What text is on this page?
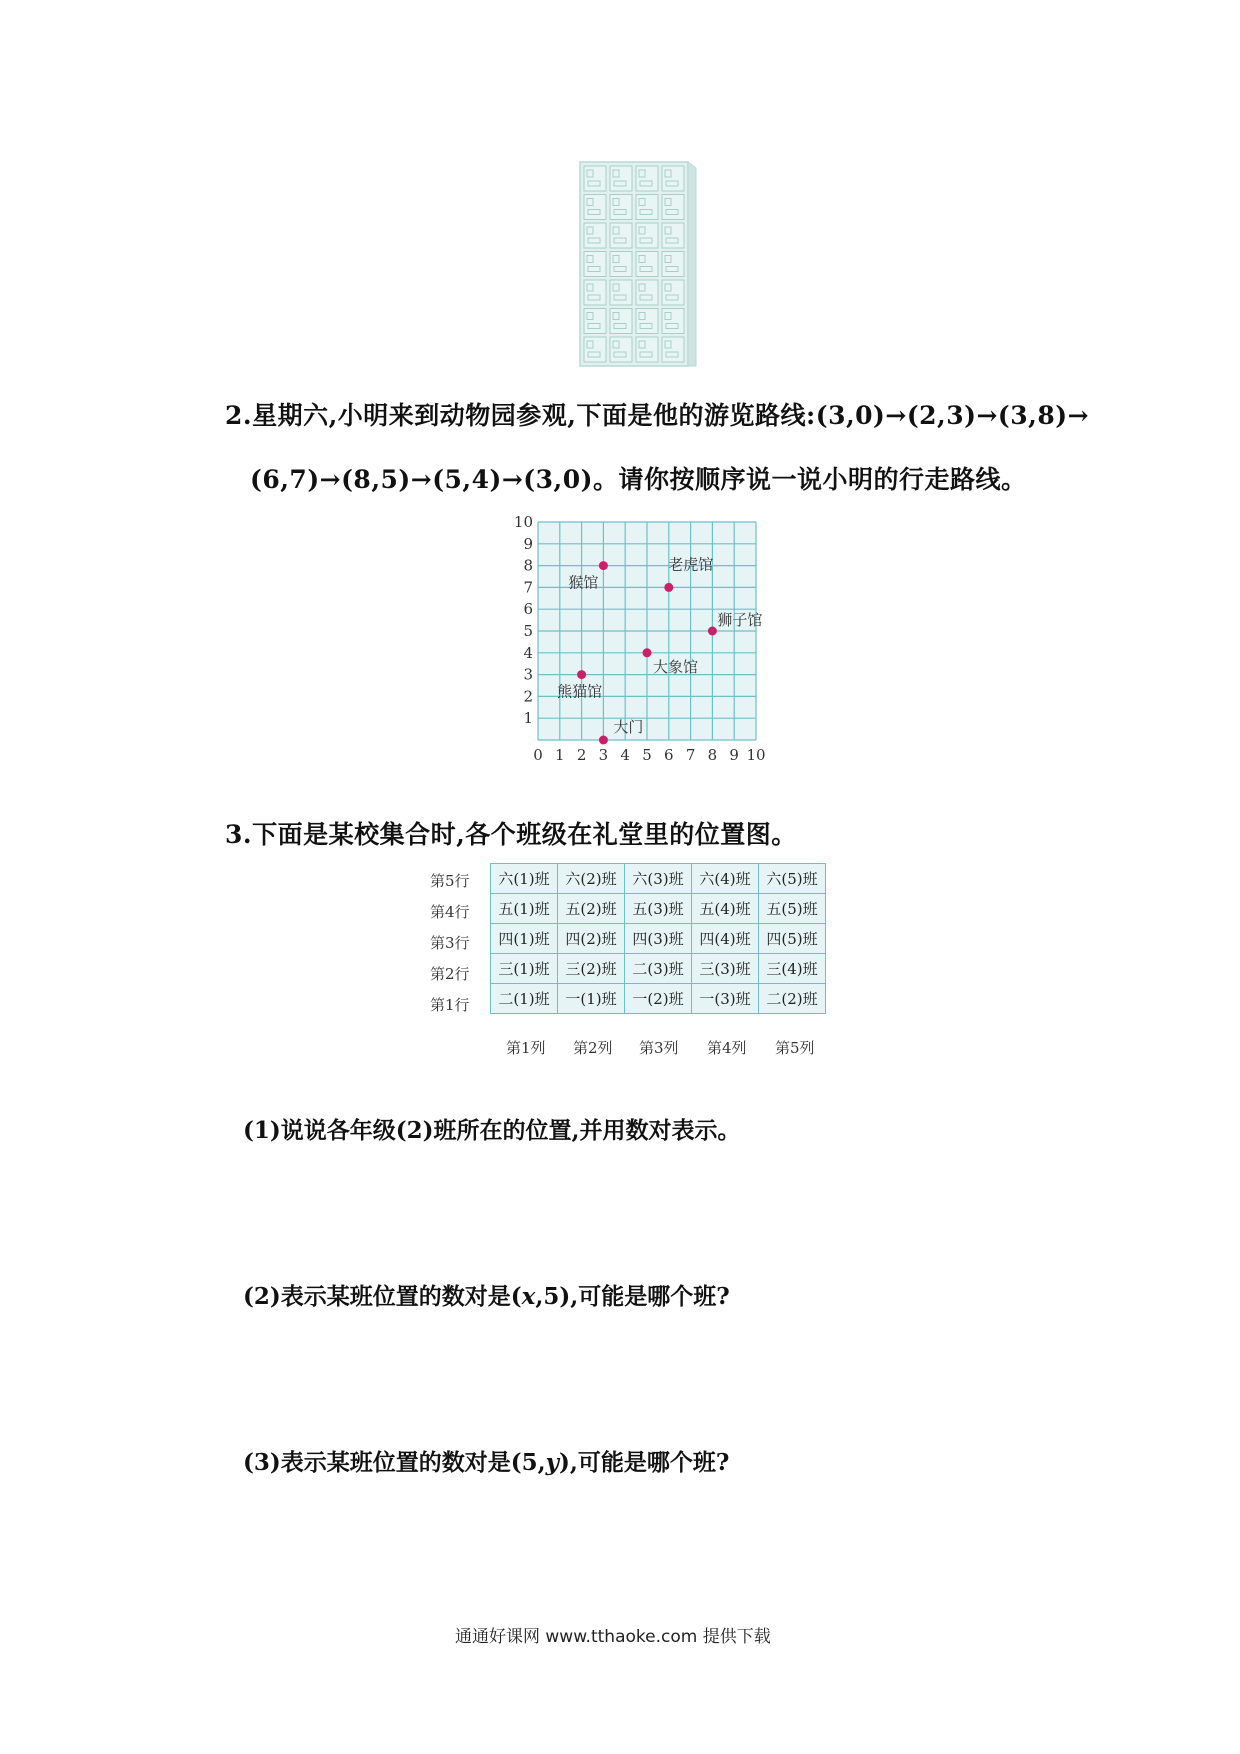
2.星期六,小明来到动物园参观,下面是他的游览路线:(3,0)→(2,3)→(3,8)→
(6,7)→(8,5)→(5,4)→(3,0)。请你按顺序说一说小明的行走路线。
0 1 2 3 4 5 6 7 8 9 10
1
2
3
4
5
6
7
8
9
10
大门
熊猫馆
猴馆
老虎馆
狮子馆
大象馆
3.下面是某校集合时,各个班级在礼堂里的位置图。
第5行
第4行
第3行
第2行
第1行
六(1)班	六(2)班	六(3)班	六(4)班	六(5)班
五(1)班	五(2)班	五(3)班	五(4)班	五(5)班
四(1)班	四(2)班	四(3)班	四(4)班	四(5)班
三(1)班	三(2)班	二(3)班	三(3)班	三(4)班
二(1)班	一(1)班	一(2)班	一(3)班	二(2)班
第1列 第2列 第3列 第4列 第5列
(1)说说各年级(2)班所在的位置,并用数对表示。
(2)表示某班位置的数对是(x,5),可能是哪个班?
(3)表示某班位置的数对是(5,y),可能是哪个班?
通通好课网 www.tthaoke.com 提供下载
